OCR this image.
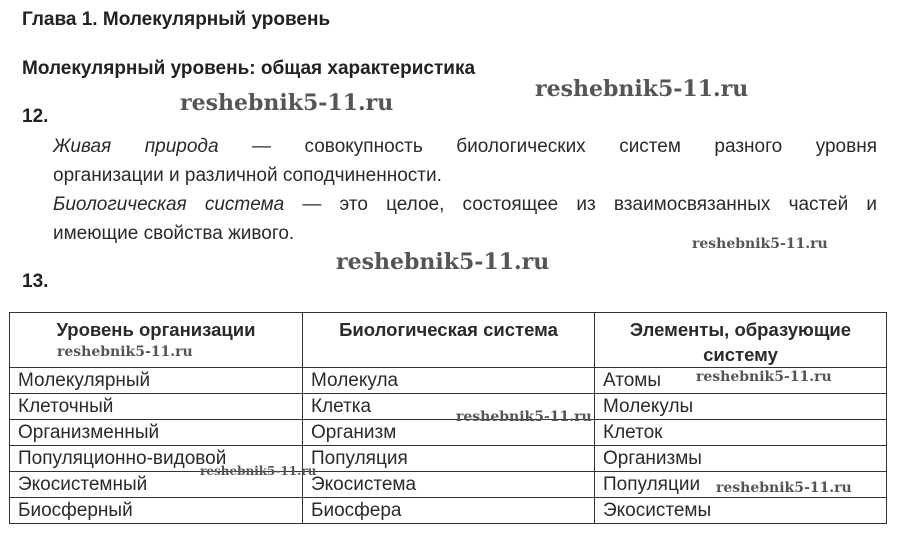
Глава 1. Молекулярный уровень
Молекулярный уровень: общая характеристика
12.
Живая природа — совокупность биологических систем разного уровня
организации и различной соподчиненности.
Биологическая система — это целое, состоящее из взаимосвязанных частей и
имеющие свойства живого.
13.
Уровень организации	Биологическая система	Элементы, образующие систему
Молекулярный	Молекула	Атомы
Клеточный	Клетка	Молекулы
Организменный	Организм	Клеток
Популяционно-видовой	Популяция	Организмы
Экосистемный	Экосистема	Популяции
Биосферный	Биосфера	Экосистемы
reshebnik5-11.ru
reshebnik5-11.ru
reshebnik5-11.ru
reshebnik5-11.ru
reshebnik5-11.ru
reshebnik5-11.ru
reshebnik5-11.ru
reshebnik5-11.ru
reshebnik5-11.ru
